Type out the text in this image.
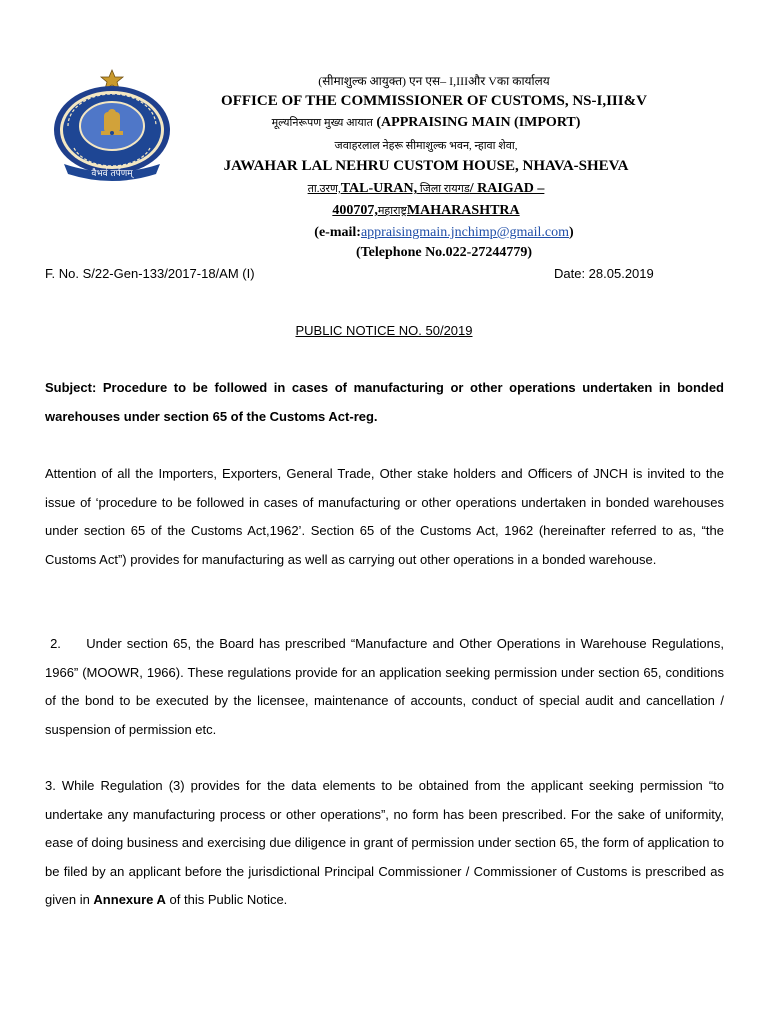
वैभवं तर्पणम्
(सीमाशुल्क आयुक्त) एन एस– I,IIIऔर Vका कार्यालय
OFFICE OF THE COMMISSIONER OF CUSTOMS, NS-I,III&V
मूल्यनिरूपण मुख्य आयात (APPRAISING MAIN (IMPORT)
जवाहरलाल नेहरू सीमाशुल्क भवन, न्हावा शेवा,
JAWAHAR LAL NEHRU CUSTOM HOUSE, NHAVA-SHEVA
ता.उरण,TAL-URAN, जिला रायगड/ RAIGAD –
400707,महाराष्ट्रMAHARASHTRA
(e-mail:appraisingmain.jnchimp@gmail.com)
(Telephone No.022-27244779)
F. No. S/22-Gen-133/2017-18/AM (I)	Date: 28.05.2019
PUBLIC NOTICE NO. 50/2019
Subject: Procedure to be followed in cases of manufacturing or other operations undertaken in bonded warehouses under section 65 of the Customs Act-reg.
Attention of all the Importers, Exporters, General Trade, Other stake holders and Officers of JNCH is invited to the issue of ‘procedure to be followed in cases of manufacturing or other operations undertaken in bonded warehouses under section 65 of the Customs Act,1962’. Section 65 of the Customs Act, 1962 (hereinafter referred to as, “the Customs Act”) provides for manufacturing as well as carrying out other operations in a bonded warehouse.
2.     Under section 65, the Board has prescribed “Manufacture and Other Operations in Warehouse Regulations, 1966” (MOOWR, 1966). These regulations provide for an application seeking permission under section 65, conditions of the bond to be executed by the licensee, maintenance of accounts, conduct of special audit and cancellation / suspension of permission etc.
3. While Regulation (3) provides for the data elements to be obtained from the applicant seeking permission “to undertake any manufacturing process or other operations”, no form has been prescribed. For the sake of uniformity, ease of doing business and exercising due diligence in grant of permission under section 65, the form of application to be filed by an applicant before the jurisdictional Principal Commissioner / Commissioner of Customs is prescribed as given in Annexure A of this Public Notice.
